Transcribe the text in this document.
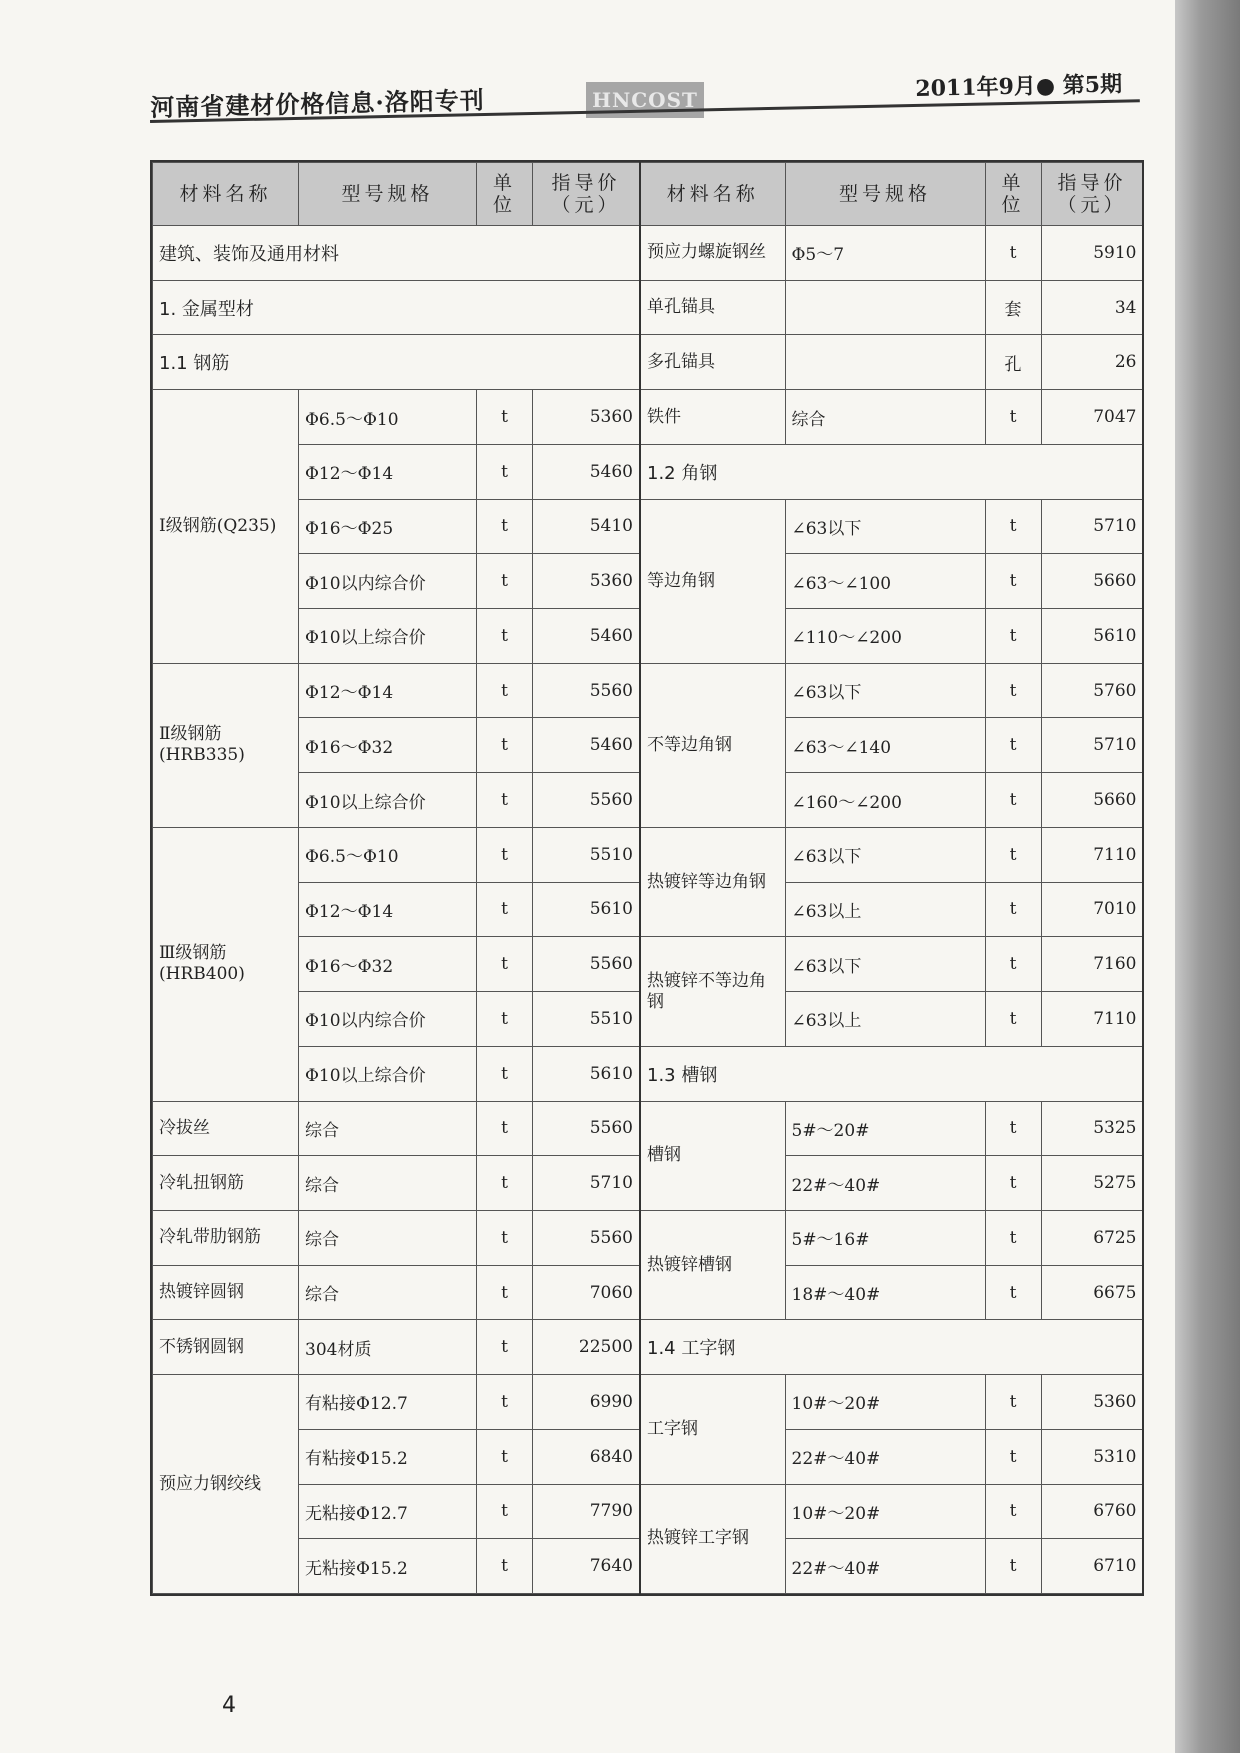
河南省建材价格信息·洛阳专刊	HNCOST	2011年9月● 第5期
材料名称	型号规格	单位	指导价（元）
建筑、装饰及通用材料			
1. 金属型材			
1.1 钢筋			
Ⅰ级钢筋(Q235)	Φ6.5～Φ10	t	5360
	Φ12～Φ14	t	5460
	Φ16～Φ25	t	5410
	Φ10以内综合价	t	5360
	Φ10以上综合价	t	5460
Ⅱ级钢筋(HRB335)	Φ12～Φ14	t	5560
	Φ16～Φ32	t	5460
	Φ10以上综合价	t	5560
Ⅲ级钢筋(HRB400)	Φ6.5～Φ10	t	5510
	Φ12～Φ14	t	5610
	Φ16～Φ32	t	5560
	Φ10以内综合价	t	5510
	Φ10以上综合价	t	5610
冷拔丝	综合	t	5560
冷轧扭钢筋	综合	t	5710
冷轧带肋钢筋	综合	t	5560
热镀锌圆钢	综合	t	7060
不锈钢圆钢	304材质	t	22500
预应力钢绞线	有粘接Φ12.7	t	6990
	有粘接Φ15.2	t	6840
	无粘接Φ12.7	t	7790
	无粘接Φ15.2	t	7640
材料名称	型号规格	单位	指导价（元）
预应力螺旋钢丝	Φ5～7	t	5910
单孔锚具		套	34
多孔锚具		孔	26
铁件	综合	t	7047
1.2 角钢			
等边角钢	∠63以下	t	5710
	∠63～∠100	t	5660
	∠110～∠200	t	5610
不等边角钢	∠63以下	t	5760
	∠63～∠140	t	5710
	∠160～∠200	t	5660
热镀锌等边角钢	∠63以下	t	7110
	∠63以上	t	7010
热镀锌不等边角钢	∠63以下	t	7160
	∠63以上	t	7110
1.3 槽钢			
槽钢	5#～20#	t	5325
	22#～40#	t	5275
热镀锌槽钢	5#～16#	t	6725
	18#～40#	t	6675
1.4 工字钢			
工字钢	10#～20#	t	5360
	22#～40#	t	5310
热镀锌工字钢	10#～20#	t	6760
	22#～40#	t	6710
4
